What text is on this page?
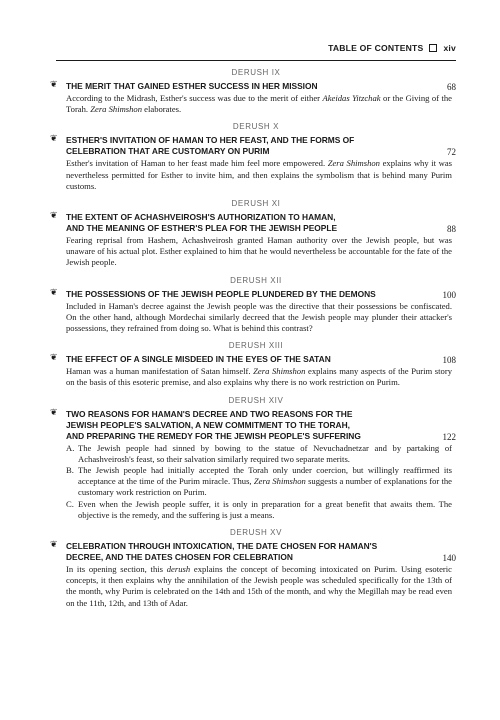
TABLE OF CONTENTS xiv
DERUSH IX
❦ THE MERIT THAT GAINED ESTHER SUCCESS IN HER MISSION	68
According to the Midrash, Esther's success was due to the merit of either Akeidas Yitzchak or the Giving of the Torah. Zera Shimshon elaborates.
DERUSH X
❦ ESTHER'S INVITATION OF HAMAN TO HER FEAST, AND THE FORMS OF
CELEBRATION THAT ARE CUSTOMARY ON PURIM	72
Esther's invitation of Haman to her feast made him feel more empowered. Zera Shimshon explains why it was nevertheless permitted for Esther to invite him, and then explains the symbolism that is behind many Purim customs.
DERUSH XI
❦ THE EXTENT OF ACHASHVEIROSH'S AUTHORIZATION TO HAMAN,
AND THE MEANING OF ESTHER'S PLEA FOR THE JEWISH PEOPLE	88
Fearing reprisal from Hashem, Achashveirosh granted Haman authority over the Jewish people, but was unaware of his actual plot. Esther explained to him that he would nevertheless be accountable for the fate of the Jewish people.
DERUSH XII
❦ THE POSSESSIONS OF THE JEWISH PEOPLE PLUNDERED BY THE DEMONS	100
Included in Haman's decree against the Jewish people was the directive that their possessions be confiscated. On the other hand, although Mordechai similarly decreed that the Jewish people may plunder their attacker's possessions, they refrained from doing so. What is behind this contrast?
DERUSH XIII
❦ THE EFFECT OF A SINGLE MISDEED IN THE EYES OF THE SATAN	108
Haman was a human manifestation of Satan himself. Zera Shimshon explains many aspects of the Purim story on the basis of this esoteric premise, and also explains why there is no work restriction on Purim.
DERUSH XIV
❦ TWO REASONS FOR HAMAN'S DECREE AND TWO REASONS FOR THE
JEWISH PEOPLE'S SALVATION, A NEW COMMITMENT TO THE TORAH,
AND PREPARING THE REMEDY FOR THE JEWISH PEOPLE'S SUFFERING	122
A. The Jewish people had sinned by bowing to the statue of Nevuchadnetzar and by partaking of Achashveirosh's feast, so their salvation similarly required two separate merits.
B. The Jewish people had initially accepted the Torah only under coercion, but willingly reaffirmed its acceptance at the time of the Purim miracle. Thus, Zera Shimshon suggests a number of explanations for the customary work restriction on Purim.
C. Even when the Jewish people suffer, it is only in preparation for a great benefit that awaits them. The objective is the remedy, and the suffering is just a means.
DERUSH XV
❦ CELEBRATION THROUGH INTOXICATION, THE DATE CHOSEN FOR HAMAN'S
DECREE, AND THE DATES CHOSEN FOR CELEBRATION	140
In its opening section, this derush explains the concept of becoming intoxicated on Purim. Using esoteric concepts, it then explains why the annihilation of the Jewish people was scheduled specifically for the 13th of the month, why Purim is celebrated on the 14th and 15th of the month, and why the Megillah may be read even on the 11th, 12th, and 13th of Adar.
